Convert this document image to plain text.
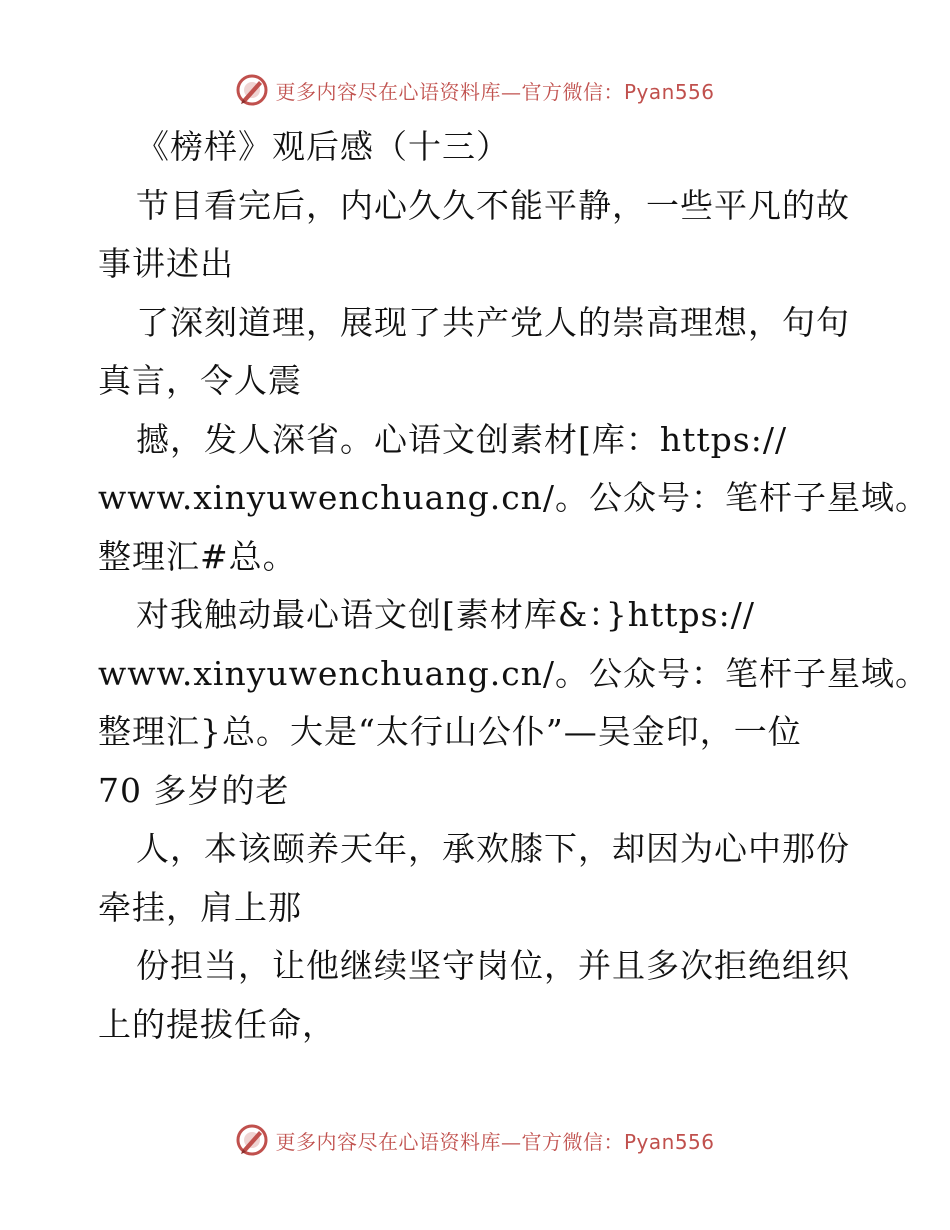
更多内容尽在心语资料库—官方微信：Pyan556
《榜样》观后感（十三）
节目看完后，内心久久不能平静，一些平凡的故
事讲述出
了深刻道理，展现了共产党人的崇高理想，句句
真言，令人震
撼，发人深省。心语文创素材[库：https://
www.xinyuwenchuang.cn/。公众号：笔杆子星域。
整理汇#总。
对我触动最心语文创[素材库&：}https://
www.xinyuwenchuang.cn/。公众号：笔杆子星域。
整理汇}总。大是“太行山公仆”—吴金印，一位
70 多岁的老
人，本该颐养天年，承欢膝下，却因为心中那份
牵挂，肩上那
份担当，让他继续坚守岗位，并且多次拒绝组织
上的提拔任命，
更多内容尽在心语资料库—官方微信：Pyan556
